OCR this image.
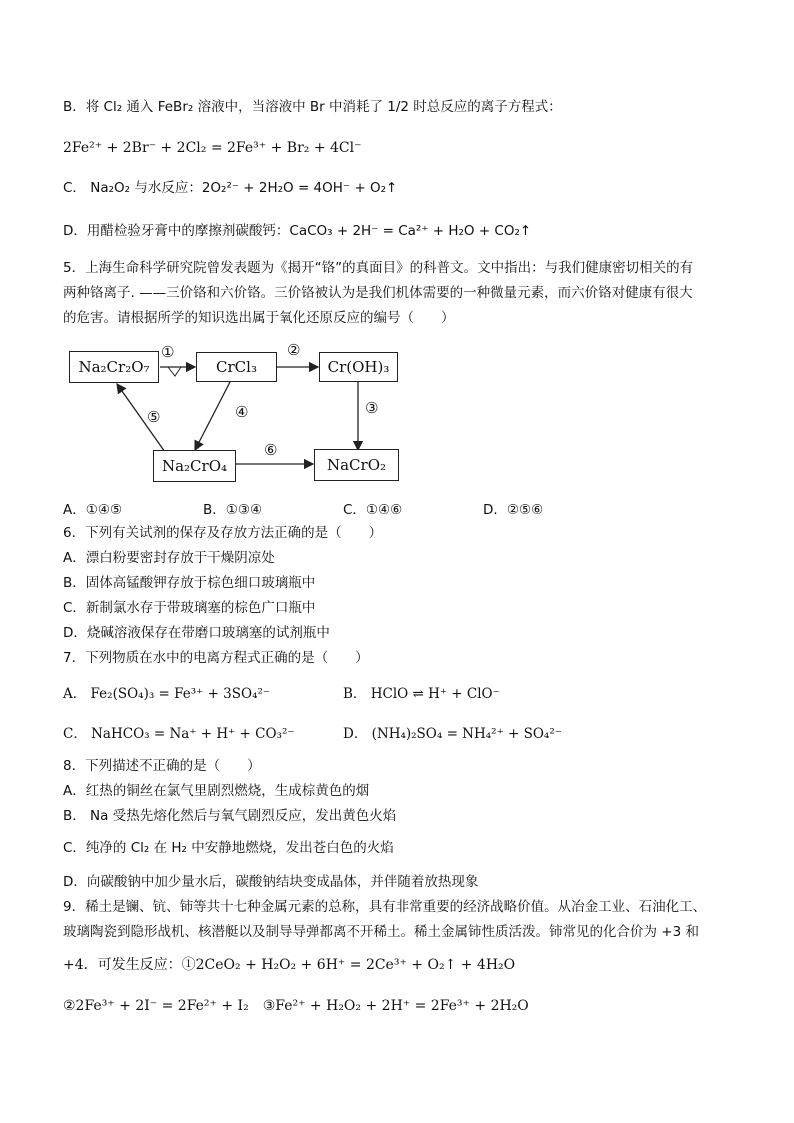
B．将 Cl₂ 通入 FeBr₂ 溶液中，当溶液中 Br 中消耗了 1/2 时总反应的离子方程式：
2Fe²⁺ + 2Br⁻ + 2Cl₂ = 2Fe³⁺ + Br₂ + 4Cl⁻
C． Na₂O₂ 与水反应：2O₂²⁻ + 2H₂O = 4OH⁻ + O₂↑
D．用醋检验牙膏中的摩擦剂碳酸钙：CaCO₃ + 2H⁻ = Ca²⁺ + H₂O + CO₂↑
5．上海生命科学研究院曾发表题为《揭开“铬”的真面目》的科普文。文中指出：与我们健康密切相关的有
两种铬离子. ——三价铬和六价铬。三价铬被认为是我们机体需要的一种微量元素，而六价铬对健康有很大
的危害。请根据所学的知识选出属于氧化还原反应的编号（　　）
Na₂Cr₂O₇	CrCl₃	Cr(OH)₃
Na₂CrO₄	NaCrO₂
①	②
③
④
⑤
⑥
A．①④⑤	B．①③④	C．①④⑥	D．②⑤⑥
6．下列有关试剂的保存及存放方法正确的是（　　）
A．漂白粉要密封存放于干燥阴凉处
B．固体高锰酸钾存放于棕色细口玻璃瓶中
C．新制氯水存于带玻璃塞的棕色广口瓶中
D．烧碱溶液保存在带磨口玻璃塞的试剂瓶中
7．下列物质在水中的电离方程式正确的是（　　）
A． Fe₂(SO₄)₃ = Fe³⁺ + 3SO₄²⁻	B． HClO ⇌ H⁺ + ClO⁻
C． NaHCO₃ = Na⁺ + H⁺ + CO₃²⁻	D． (NH₄)₂SO₄ = NH₄²⁺ + SO₄²⁻
8．下列描述不正确的是（　　）
A．红热的铜丝在氯气里剧烈燃烧，生成棕黄色的烟
B． Na 受热先熔化然后与氧气剧烈反应，发出黄色火焰
C．纯净的 Cl₂ 在 H₂ 中安静地燃烧，发出苍白色的火焰
D．向碳酸钠中加少量水后，碳酸钠结块变成晶体，并伴随着放热现象
9．稀土是镧、钪、铈等共十七种金属元素的总称，具有非常重要的经济战略价值。从冶金工业、石油化工、
玻璃陶瓷到隐形战机、核潜艇以及制导导弹都离不开稀土。稀土金属铈性质活泼。铈常见的化合价为 +3 和
+4．可发生反应：①2CeO₂ + H₂O₂ + 6H⁺ = 2Ce³⁺ + O₂↑ + 4H₂O
②2Fe³⁺ + 2I⁻ = 2Fe²⁺ + I₂　③Fe²⁺ + H₂O₂ + 2H⁺ = 2Fe³⁺ + 2H₂O
